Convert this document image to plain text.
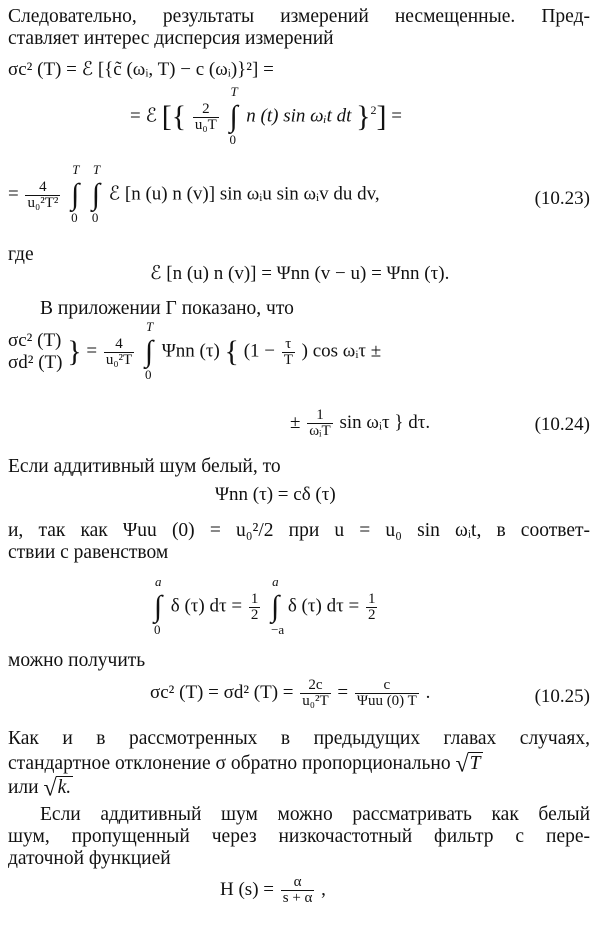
Следовательно, результаты измерений несмещенные. Пред-
ставляет интерес дисперсия измерений
σc² (T) = ℰ [{c̃ (ωᵢ, T) − c (ωᵢ)}²] =
= ℰ [{ $\frac{2}{\text{u₀T}}$ ∫
T
0
n (t) sin ωᵢt dt }$^2$] =
= $\frac{4}{\text{u₀²T²}}$ ∫
T
0
∫
T
0
ℰ [n (u) n (v)] sin ωᵢu sin ωᵢv du dv,	(10.23)
где
ℰ [n (u) n (v)] = Ψnn (v − u) = Ψnn (τ).
В приложении Г показано, что
σc² (T)
σd² (T) } = $\frac{4}{\text{u₀²T}}$ ∫
T
0
Ψnn (τ) { ($1 - \frac{\tau}{T}$ ) cos ωᵢτ ±
± $\frac{1}{\text{ωᵢT}}$ sin ωᵢτ } dτ.	(10.24)
Если аддитивный шум белый, то
Ψnn (τ) = cδ (τ)
и, так как Ψuu (0) = u₀²/2 при u = u₀ sin ωᵢt, в соответ-
ствии с равенством
∫
a
0
δ (τ) $d\tau = \frac{1}{2}$ ∫
a
−a
δ (τ) $d\tau = \frac{1}{2}$
можно получить
σc² (T) = σd² $(T) = \frac{2c}{\text{u₀²T}} = \frac{c}{\text{Ψuu (0) T}}$ .	(10.25)
Как и в рассмотренных в предыдущих главах случаях,
стандартное отклонение σ обратно пропорционально √T
или √k.
Если аддитивный шум можно рассматривать как белый
шум, пропущенный через низкочастотный фильтр с пере-
даточной функцией
H $(s) = \frac{\alpha}{s + \alpha}$ ,
